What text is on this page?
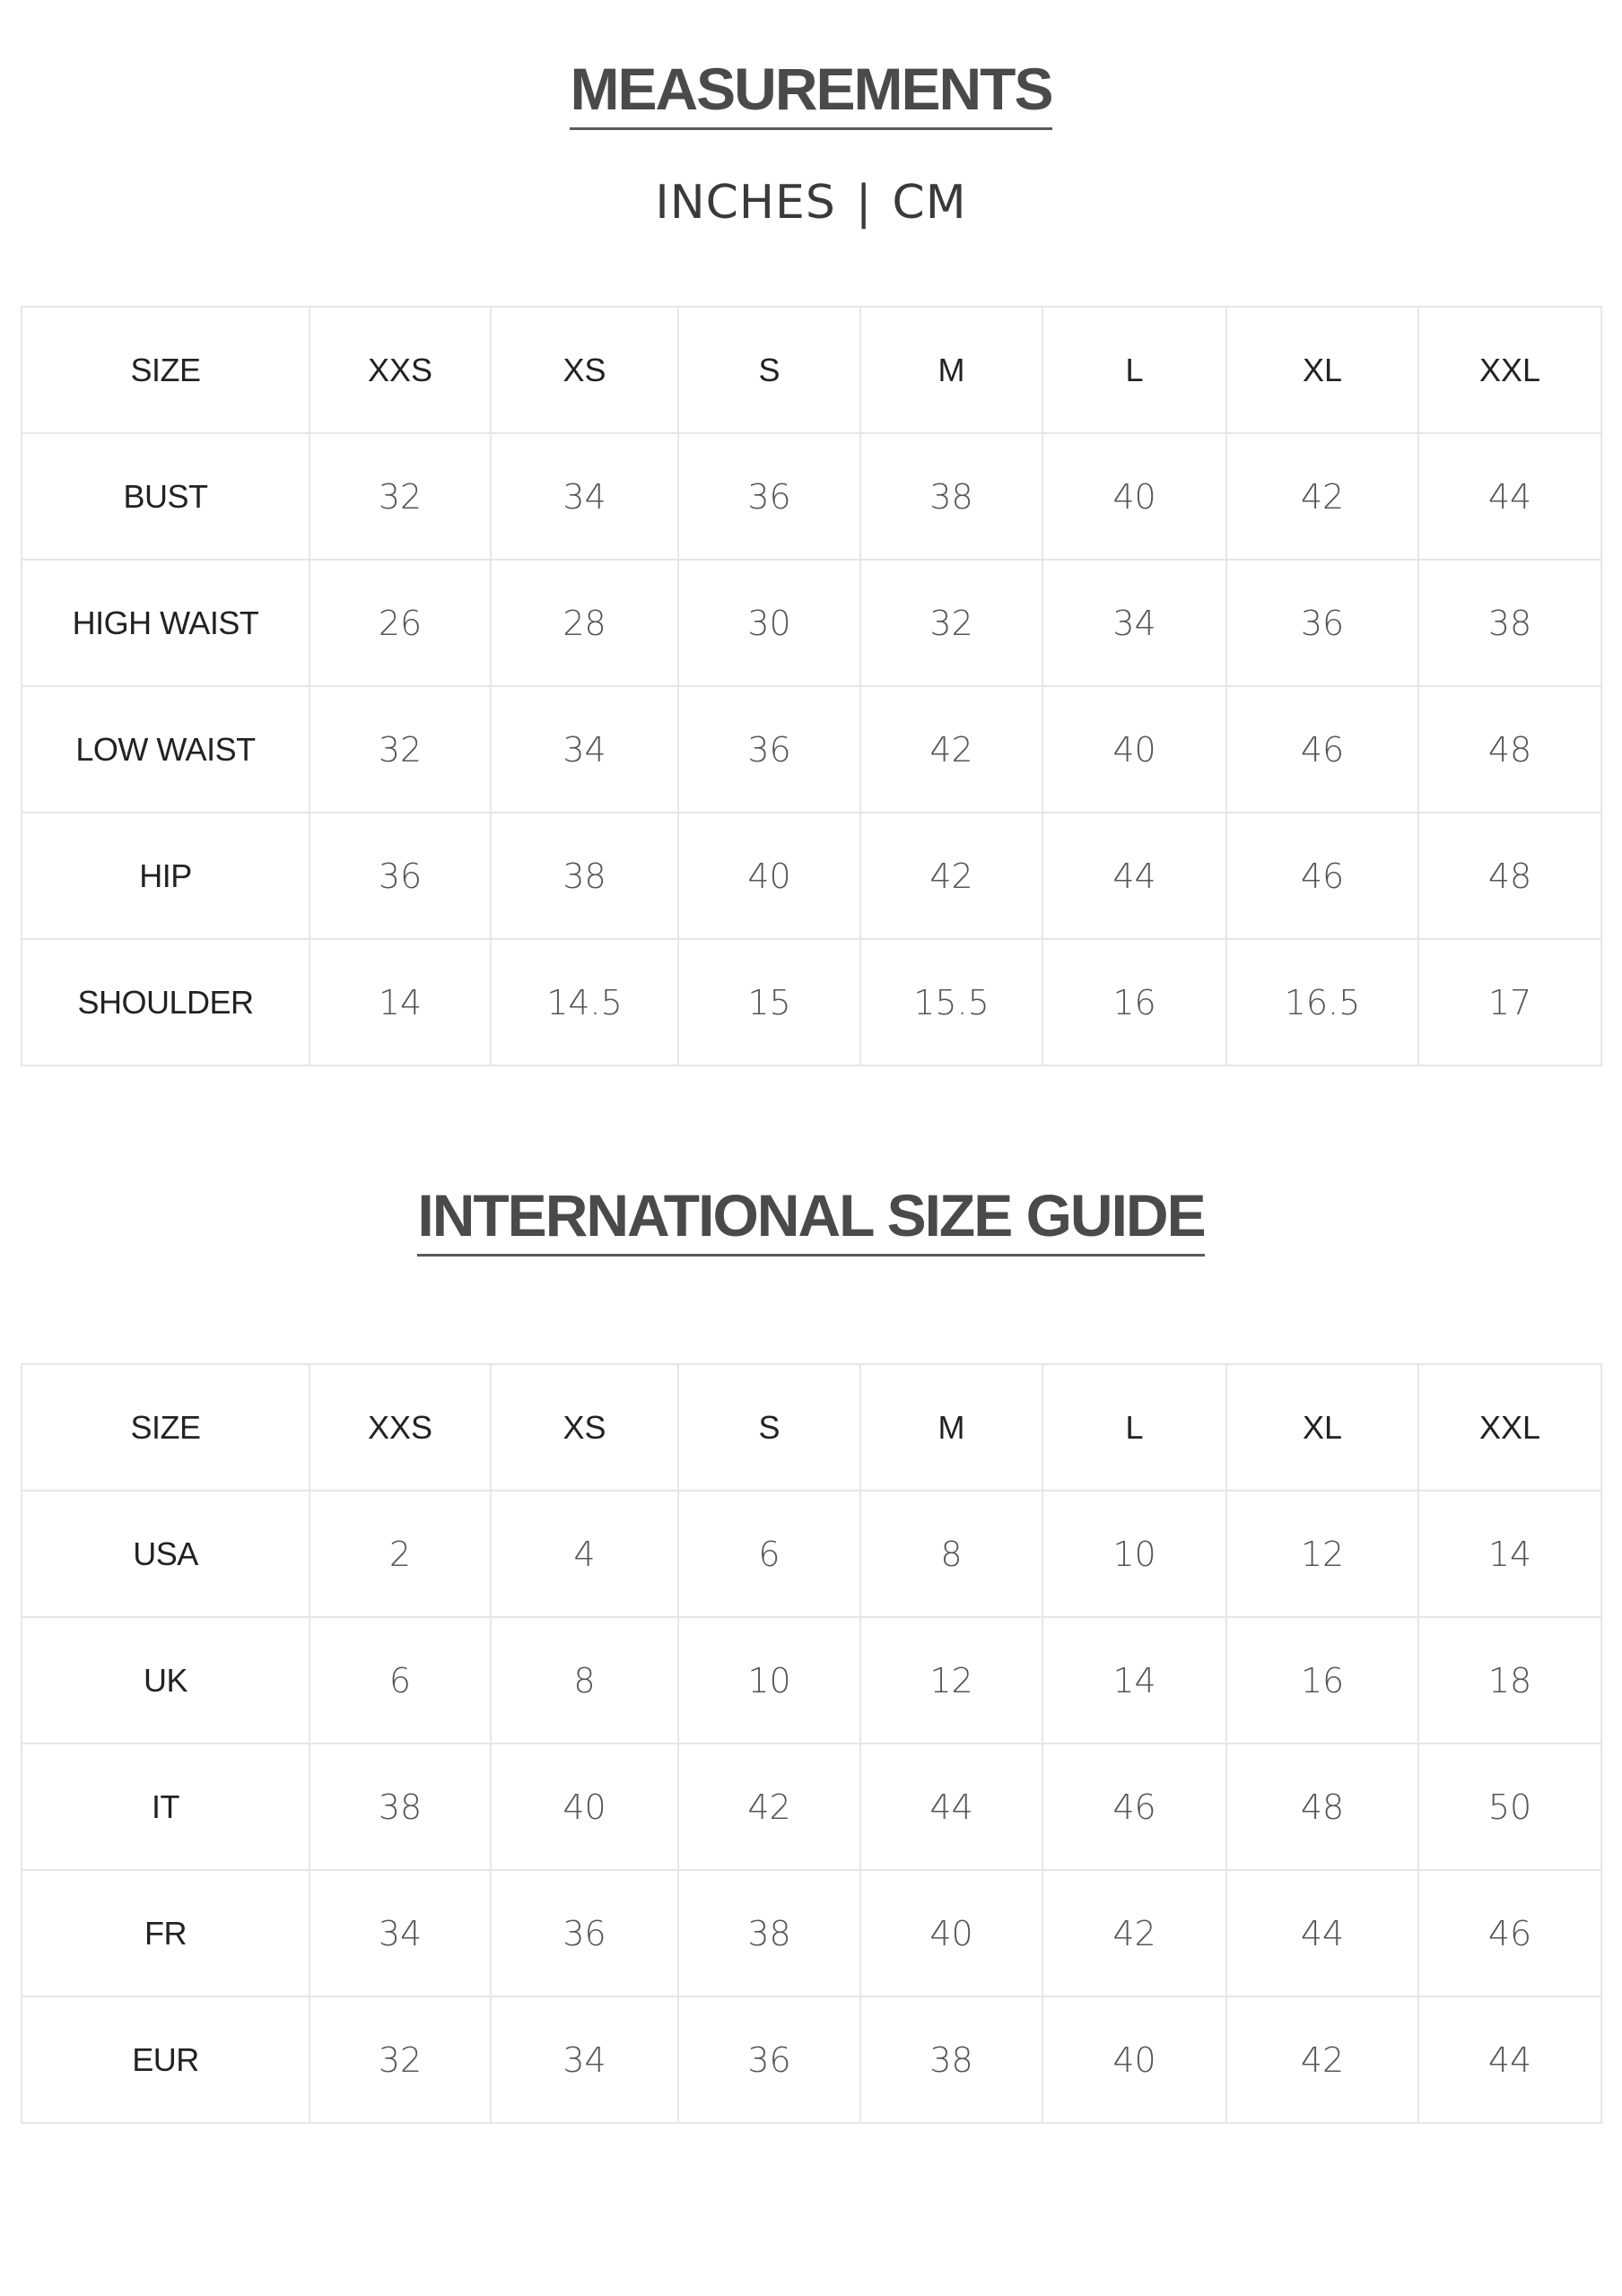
MEASUREMENTS
INCHES | CM
SIZE	XXS	XS	S	M	L	XL	XXL
BUST	32	34	36	38	40	42	44
HIGH WAIST	26	28	30	32	34	36	38
LOW WAIST	32	34	36	42	40	46	48
HIP	36	38	40	42	44	46	48
SHOULDER	14	14.5	15	15.5	16	16.5	17
INTERNATIONAL SIZE GUIDE
SIZE	XXS	XS	S	M	L	XL	XXL
USA	2	4	6	8	10	12	14
UK	6	8	10	12	14	16	18
IT	38	40	42	44	46	48	50
FR	34	36	38	40	42	44	46
EUR	32	34	36	38	40	42	44
